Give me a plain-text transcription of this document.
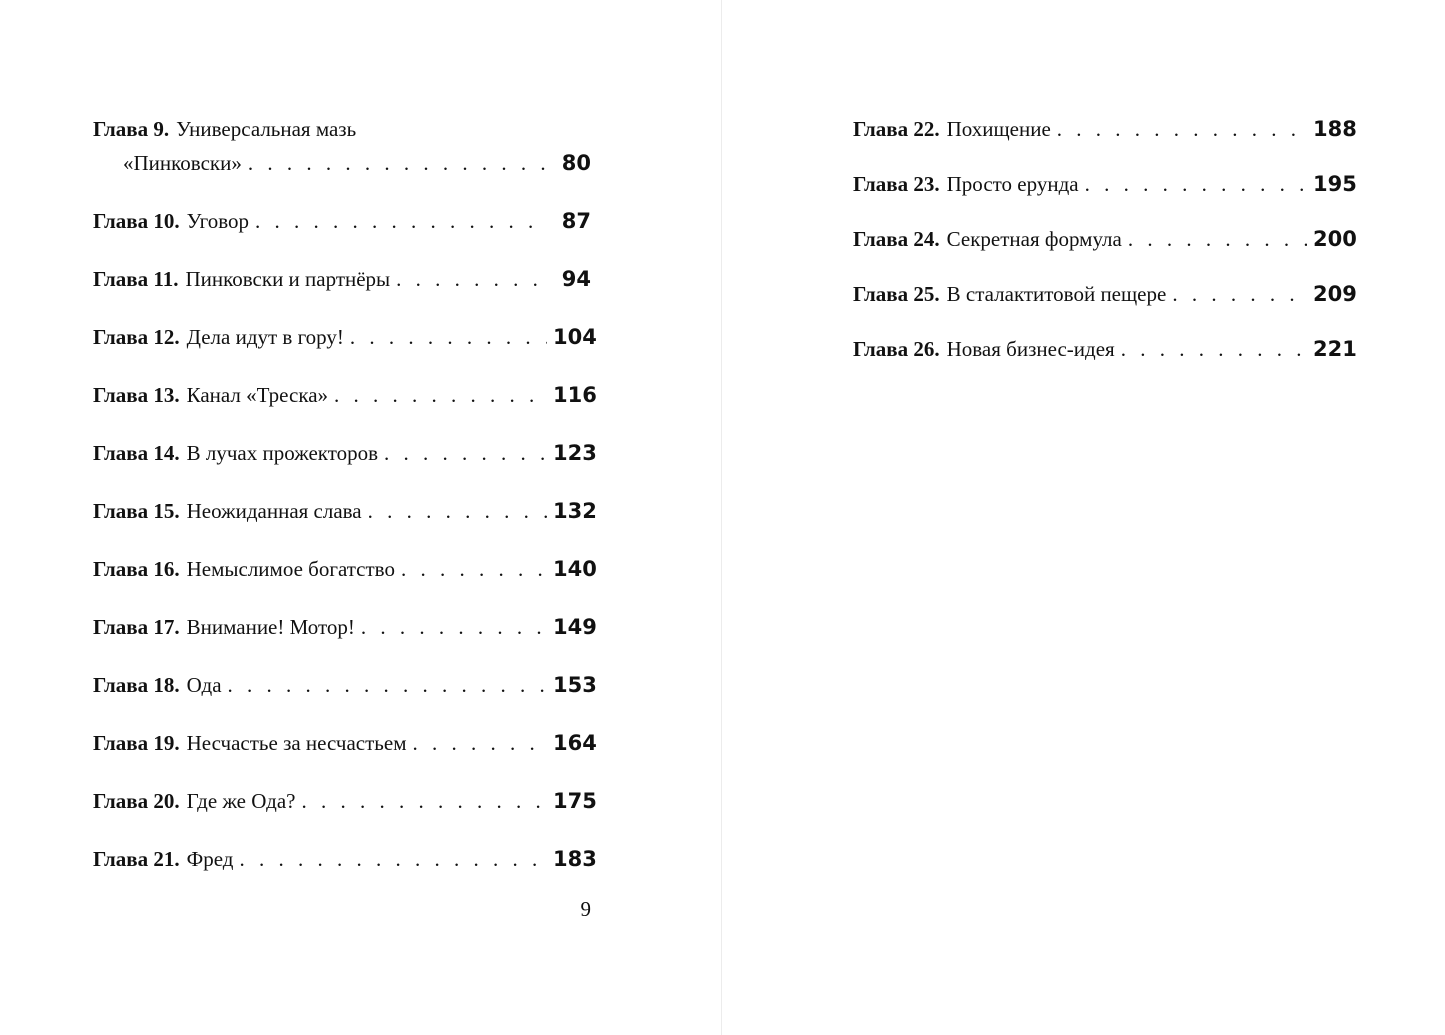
Глава 9. Универсальная мазь
«Пинковски» . . .	80
Глава 10. Уговор . . .	87
Глава 11. Пинковски и партнёры . . .	94
Глава 12. Дела идут в гору! . . .	104
Глава 13. Канал «Треска» . . .	116
Глава 14. В лучах прожекторов . . .	123
Глава 15. Неожиданная слава . . .	132
Глава 16. Немыслимое богатство . . .	140
Глава 17. Внимание! Мотор! . . .	149
Глава 18. Ода . . .	153
Глава 19. Несчастье за несчастьем . . .	164
Глава 20. Где же Ода? . . .	175
Глава 21. Фред . . .	183
9
Глава 22. Похищение . . .	188
Глава 23. Просто ерунда . . .	195
Глава 24. Секретная формула . . .	200
Глава 25. В сталактитовой пещере . . .	209
Глава 26. Новая бизнес-идея . . .	221
